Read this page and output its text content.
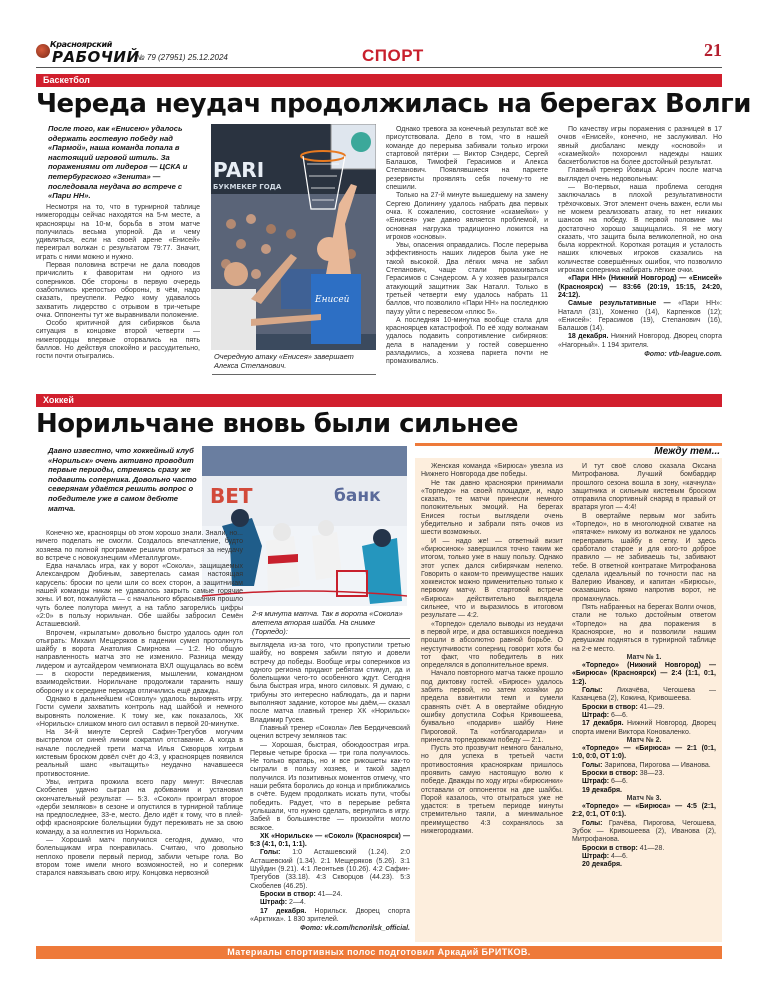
Красноярский
РАБОЧИЙ
№ 79 (27951) 25.12.2024	СПОРТ	21
Баскетбол
Череда неудач продолжилась на берегах Волги
После того, как «Енисею» удалось одержать гостевую победу над «Пармой», наша команда попала в настоящий игровой штиль. За поражениями от лидеров — ЦСКА и петербургского «Зенита» — последовала неудача во встрече с «Пари НН».

Несмотря на то, что в турнирной таблице нижегородцы сейчас находятся на 5-м месте, а красноярцы на 10-м, борьба в этом матче получилась весьма упорной. Да и чему удивляться, если на своей арене «Енисей» переиграл волжан с результатом 79:77. Значит, играть с ними можно и нужно.

Первая половина встречи не дала поводов причислить к фаворитам ни одного из соперников. Обе стороны в первую очередь озаботились крепостью обороны, в чём, надо сказать, преуспели. Редко кому удавалось захватить лидерство с отрывом в три-четыре очка. Оппоненты тут же выравнивали положение.

Особо критичной для сибиряков была ситуация в концовке второй четверти — нижегородцы впервые оторвались на пять баллов. Но действуя спокойно и рассудительно, гости почти отыгрались.

PARI
БУКМЕКЕР ГОДА
Енисей
Очередную атаку «Енисея» завершает Алекса Степанович.

Однако тревога за конечный результат всё же присутствовала. Дело в том, что в нашей команде до перерыва забивали только игроки стартовой пятёрки — Виктор Сэндерс, Сергей Балашов, Тимофей Герасимов и Алекса Степанович. Появлявшиеся на паркете резервисты проявлять себя почему-то не спешили.

Только на 27-й минуте вышедшему на замену Сергею Долинину удалось набрать два первых очка. К сожалению, состояние «скамейки» у «Енисея» уже давно является проблемой, и основная нагрузка традиционно ложится на игроков «основы».

Увы, опасения оправдались. После перерыва эффективность наших лидеров была уже не такой высокой. Два лёгких мяча не забил Степанович, чаще стали промахиваться Герасимов с Сэндерсом. А у хозяев разыгрался атакующий защитник Зак Наталл. Только в третьей четверти ему удалось набрать 11 баллов, что позволило «Пари НН» на последнюю паузу уйти с перевесом «плюс 5».

А последняя 10-минутка вообще стала для красноярцев катастрофой. По её ходу волжанам удалось подавить сопротивление сибиряков: дела в нападении у гостей совершенно разладились, а хозяева паркета почти не промахивались.

По качеству игры поражения с разницей в 17 очков «Енисей», конечно, не заслуживал. Но явный дисбаланс между «основой» и «скамейкой» похоронил надежды наших баскетболистов на более достойный результат.

Главный тренер Йовица Арсич после матча выглядел очень недовольным:

— Во-первых, наша проблема сегодня заключалась в плохой результативности трёхочковых. Этот элемент очень важен, если мы не можем реализовать атаку, то нет никаких шансов на победу. В первой половине мы достаточно хорошо защищались. Я не могу сказать, что защита была великолепной, но она была корректной. Короткая ротация и усталость наших ключевых игроков сказались на количестве совершённых ошибок, что позволило игрокам соперника набирать лёгкие очки.

«Пари НН» (Нижний Новгород) — «Енисей» (Красноярск) — 83:66 (20:19, 15:15, 24:20, 24:12).

Самые результативные — «Пари НН»: Наталл (31), Хоменко (14), Карпенков (12); «Енисей»: Герасимов (19), Степанович (16), Балашов (14).

18 декабря. Нижний Новгород. Дворец спорта «Нагорный». 1 194 зрителя.

Фото: vtb-league.com.
Хоккей
Норильчане вновь были сильнее
Давно известно, что хоккейный клуб «Норильск» очень активно проводит первые периоды, стремясь сразу же подавить соперника. Довольно часто северянам удаётся решить вопрос о победителе уже в самом дебюте матча.
BET	банк
2-я минута матча. Так в ворота «Сокола» влетела вторая шайба. На снимке (Торпедо):

Конечно же, красноярцы об этом хорошо знали. Знали, но... ничего поделать не смогли. Создалось впечатление, будто хозяева по полной программе решили отыграться за неудачу во встрече с новокузнецким «Металлургом».

Едва началась игра, как у ворот «Сокола», защищаемых Александром Дюбиным, завертелась самая настоящая карусель: броски по цели шли со всех сторон, а защитникам нашей команды никак не удавалось закрыть самые горячие зоны. И вот, пожалуйста — с начального вбрасывания прошло чуть более полутора минут, а на табло загорелись цифры «2:0» в пользу норильчан. Обе шайбы забросил Семён Асташевский.

Впрочем, «крылатым» довольно быстро удалось один гол отыграть: Михаил Мещеряков в падении сумел протолкнуть шайбу в ворота Анатолия Смирнова — 1:2. Но общую направленность матча это не изменило. Разница между лидером и аутсайдером чемпионата ВХЛ ощущалась во всём — в скорости передвижения, мышлении, командном взаимодействии. Норильчане продолжали таранить нашу оборону и к середине периода отличились ещё дважды.

Однако в дальнейшем «Соколу» удалось выровнять игру. Гости сумели захватить контроль над шайбой и немного выровнять положение. К тому же, как показалось, ХК «Норильск» слишком много сил оставил в первой 20-минутке.

На 34-й минуте Сергей Сафин-Трегубов могучим выстрелом от синей линии сократил отставание. А когда в начале последней трети матча Илья Скворцов хитрым кистевым броском довёл счёт до 4:3, у красноярцев появился реальный шанс «вытащить» неудачно начавшееся противостояние.

Увы, интрига прожила всего пару минут: Вячеслав Скобелев удачно сыграл на добивании и установил окончательный результат — 5:3. «Сокол» проиграл второе «дерби земляков» в сезоне и опустился в турнирной таблице на предпоследнее, 33-е, место. Дело идёт к тому, что в плей-офф красноярские болельщики будут переживать не за свою команду, а за коллектив из Норильска.

— Хороший матч получился сегодня, думаю, что болельщикам игра понравилась. Считаю, что довольно неплохо провели первый период, забили четыре гола. Во втором тоже имели много возможностей, но и соперник старался навязывать свою игру. Концовка нервозной

выглядела из-за того, что пропустили третью шайбу, но вовремя забили пятую и довели встречу до победы. Вообще игры соперников из одного региона придают ребятам стимул, да и болельщики чего-то особенного ждут. Сегодня была быстрая игра, много силовых. Я думаю, с трибуны это интересно наблюдать, да и парни выполняют задание, которое мы даём,— сказал после матча главный тренер ХК «Норильск» Владимир Гусев.

Главный тренер «Сокола» Лев Бердичевский оценил встречу земляков так:

— Хорошая, быстрая, обоюдоострая игра. Первые четыре броска — три гола получилось. Не только вратарь, но и все рикошеты как-то сыграли в пользу хозяев, и такой задел получился. Из позитивных моментов отмечу, что наши ребята боролись до конца и приближались в счёте. Будем продолжать искать пути, чтобы победить. Радует, что в перерыве ребята услышали, что нужно сделать, вернулись в игру. Забей в большинстве — произойти могло всякое.

ХК «Норильск» — «Сокол» (Красноярск) — 5:3 (4:1, 0:1, 1:1).

Голы: 1:0 Асташевский (1.24). 2:0 Асташевский (1.34). 2:1 Мещеряков (5.26). 3:1 Шуйдин (9.21). 4:1 Леонтьев (10.26). 4:2 Сафин-Трегубов (33.18). 4:3 Скворцов (44.23). 5:3 Скобелев (46.25).

Броски в створ: 41—24.

Штраф: 2—4.

17 декабря. Норильск. Дворец спорта «Арктика». 1 830 зрителей.

Фото: vk.com/hcnorilsk_official.
Между тем...

Женская команда «Бирюса» увезла из Нижнего Новгорода две победы.

Не так давно красноярки принимали «Торпедо» на своей площадке, и, надо сказать, те матчи принесли немного положительных эмоций. На берегах Енисея гостьи выглядели очень убедительно и забрали пять очков из шести возможных.

И — надо же! — ответный визит «бирюсинок» завершился точно таким же итогом, только уже в нашу пользу. Однако этот успех дался сибирячкам нелегко. Говорить о каком-то преимуществе наших хоккеисток можно применительно только к первому матчу. В стартовой встрече «Бирюса» действительно выглядела сильнее, что и выразилось в итоговом результате — 4:2.

«Торпедо» сделало выводы из неудачи в первой игре, и два оставшихся поединка прошли в абсолютно равной борьбе. О неуступчивости соперниц говорит хотя бы тот факт, что победитель в них определялся в дополнительное время.

Начало повторного матча также прошло под диктовку гостей. «Бирюсе» удалось забить первой, но затем хозяйки до предела взвинтили темп и сумели сравнять счёт. А в овертайме обидную ошибку допустила Софья Кривошеева, буквально «подарив» шайбу Нине Пироговой. Та «отблагодарила» и принесла торпедовкам победу — 2:1.

Пусть это прозвучит немного банально, но для успеха в третьей части противостояния краснояркам пришлось проявить самую настоящую волю к победе. Дважды по ходу игры «бирюсинки» отставали от оппоненток на две шайбы. Порой казалось, что отыграться уже не удастся: в третьем периоде минуты стремительно таяли, а минимальное преимущество 4:3 сохранялось за нижегородками.

И тут своё слово сказала Оксана Митрофанова. Лучший бомбардир прошлого сезона вошла в зону, «качнула» защитника и сильным кистевым броском отправила спортивный снаряд в правый от вратаря угол — 4:4!

В овертайме первым мог забить «Торпедо», но в многолюдной схватке на «пятачке» никому из волжанок не удалось переправить шайбу в сетку. И здесь сработало старое и для кого-то доброе правило — не забиваешь ты, забивают тебе. В ответной контратаке Митрофанова сделала идеальный по точности пас на Валерию Иванову, и капитан «Бирюсы», оказавшись прямо напротив ворот, не промахнулась.

Пять набранных на берегах Волги очков, стали не только достойным ответом «Торпедо» на два поражения в Красноярске, но и позволили нашим девушкам подняться в турнирной таблице на 2-е место.

Матч № 1.

«Торпедо» (Нижний Новгород) — «Бирюса» (Красноярск) — 2:4 (1:1, 0:1, 1:2).

Голы: Лихачёва, Чегошева — Казанцева (2), Кожина, Кривошеева.

Броски в створ: 41—29.

Штраф: 6—6.

17 декабря. Нижний Новгород. Дворец спорта имени Виктора Коноваленко.

Матч № 2.

«Торпедо» — «Бирюса» — 2:1 (0:1, 1:0, 0:0, ОТ 1:0).

Голы: Зарипова, Пирогова — Иванова.

Броски в створ: 38—23.

Штраф: 6—6.

19 декабря.

Матч № 3.

«Торпедо» — «Бирюса» — 4:5 (2:1, 2:2, 0:1, ОТ 0:1).

Голы: Грачёва, Пирогова, Чегошева, Зубок — Кривошеева (2), Иванова (2), Митрофанова.

Броски в створ: 41—28.

Штраф: 4—6.

20 декабря.

Материалы спортивных полос подготовил Аркадий БРИТКОВ.
